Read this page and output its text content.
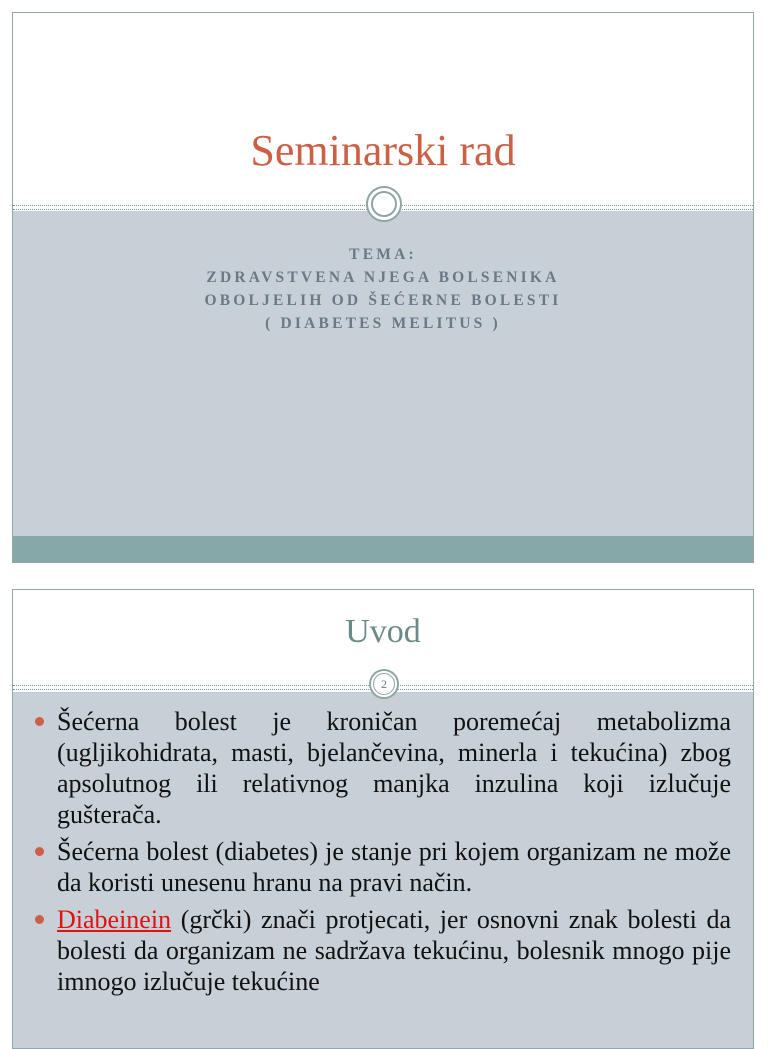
Seminarski rad
TEMA:
ZDRAVSTVENA NJEGA BOLSENIKA
OBOLJELIH OD ŠEĆERNE BOLESTI
( DIABETES MELITUS )
Uvod
Šećerna bolest je kroničan poremećaj metabolizma (ugljikohidrata, masti, bjelančevina, minerla i tekućina) zbog apsolutnog ili relativnog manjka inzulina koji izlučuje gušterača.
Šećerna bolest (diabetes) je stanje pri kojem organizam ne može da koristi unesenu hranu na pravi način.
Diabeinein (grčki) znači protjecati, jer osnovni znak bolesti da bolesti da organizam ne sadržava tekućinu, bolesnik mnogo pije imnogo izlučuje tekućine
2
